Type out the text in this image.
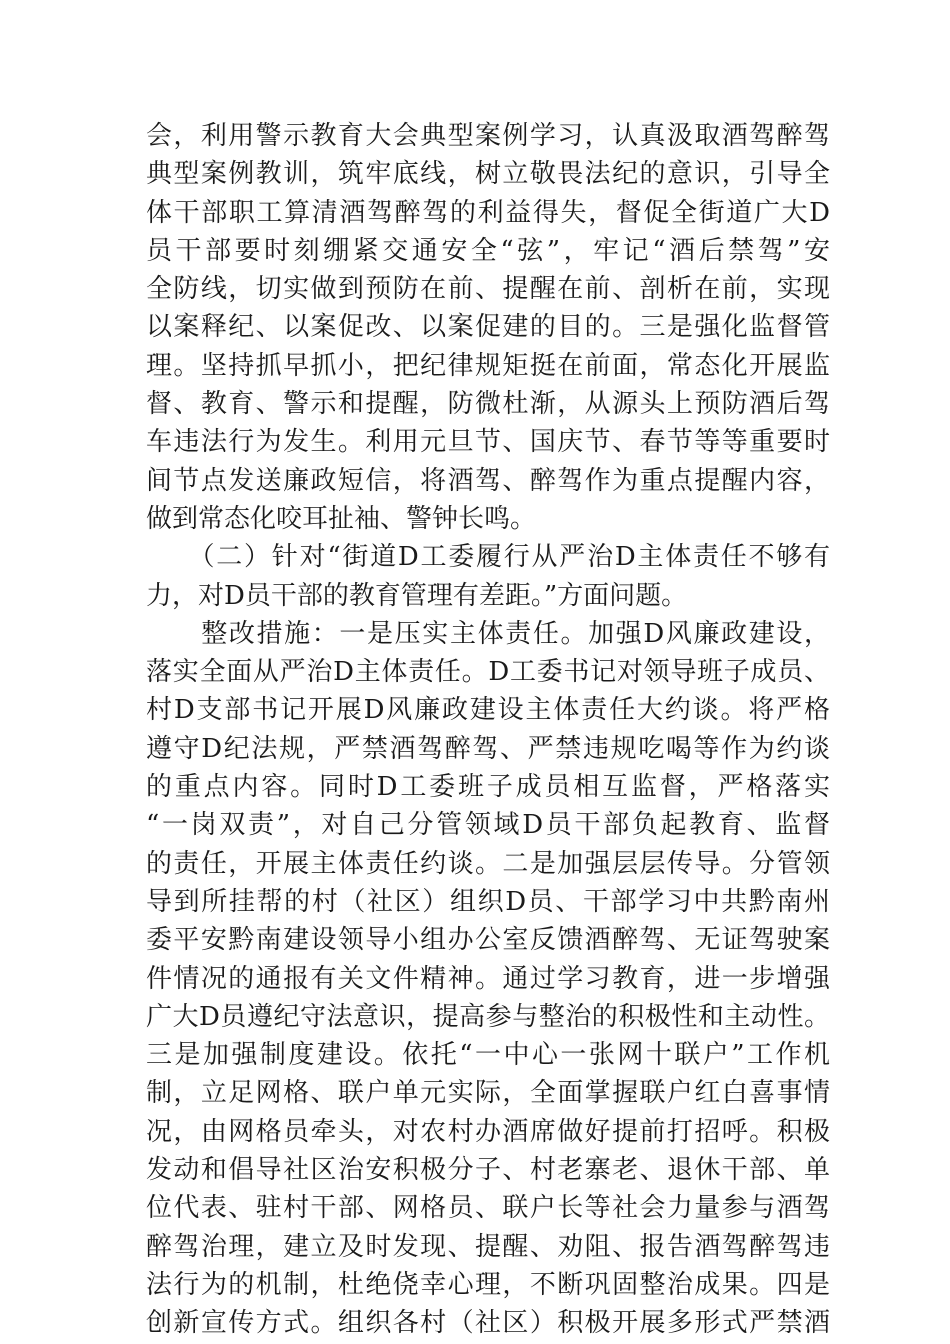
会，利用警示教育大会典型案例学习，认真汲取酒驾醉驾
典型案例教训，筑牢底线，树立敬畏法纪的意识，引导全
体干部职工算清酒驾醉驾的利益得失，督促全街道广大D
员干部要时刻绷紧交通安全“弦”，牢记“酒后禁驾”安
全防线，切实做到预防在前、提醒在前、剖析在前，实现
以案释纪、以案促改、以案促建的目的。三是强化监督管
理。坚持抓早抓小，把纪律规矩挺在前面，常态化开展监
督、教育、警示和提醒，防微杜渐，从源头上预防酒后驾
车违法行为发生。利用元旦节、国庆节、春节等等重要时
间节点发送廉政短信，将酒驾、醉驾作为重点提醒内容，
做到常态化咬耳扯袖、警钟长鸣。
　　（二）针对“街道D工委履行从严治D主体责任不够有
力，对D员干部的教育管理有差距。”方面问题。
　　整改措施：一是压实主体责任。加强D风廉政建设，
落实全面从严治D主体责任。D工委书记对领导班子成员、
村D支部书记开展D风廉政建设主体责任大约谈。将严格
遵守D纪法规，严禁酒驾醉驾、严禁违规吃喝等作为约谈
的重点内容。同时D工委班子成员相互监督，严格落实
“一岗双责”，对自己分管领域D员干部负起教育、监督
的责任，开展主体责任约谈。二是加强层层传导。分管领
导到所挂帮的村（社区）组织D员、干部学习中共黔南州
委平安黔南建设领导小组办公室反馈酒醉驾、无证驾驶案
件情况的通报有关文件精神。通过学习教育，进一步增强
广大D员遵纪守法意识，提高参与整治的积极性和主动性。
三是加强制度建设。依托“一中心一张网十联户”工作机
制，立足网格、联户单元实际，全面掌握联户红白喜事情
况，由网格员牵头，对农村办酒席做好提前打招呼。积极
发动和倡导社区治安积极分子、村老寨老、退休干部、单
位代表、驻村干部、网格员、联户长等社会力量参与酒驾
醉驾治理，建立及时发现、提醒、劝阻、报告酒驾醉驾违
法行为的机制，杜绝侥幸心理，不断巩固整治成果。四是
创新宣传方式。组织各村（社区）积极开展多形式严禁酒
